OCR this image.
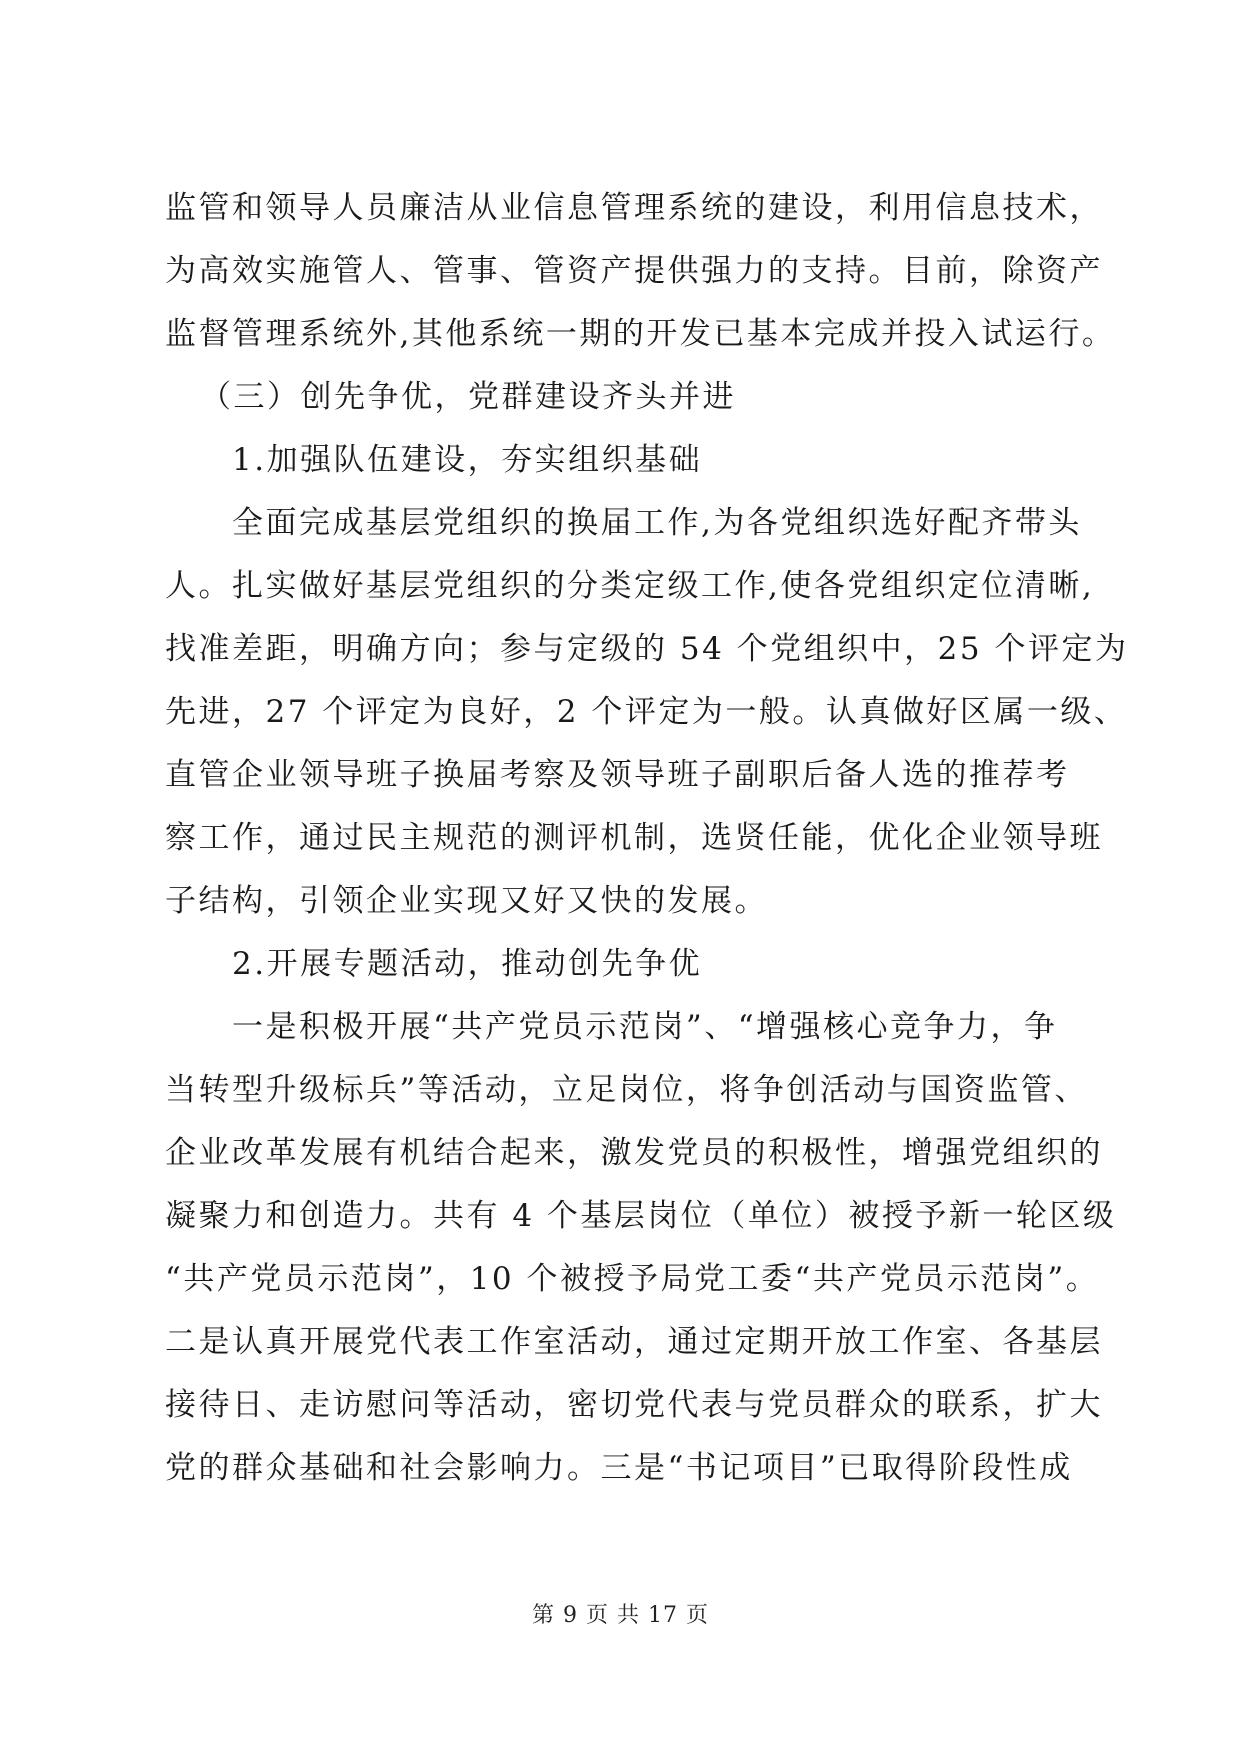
监管和领导人员廉洁从业信息管理系统的建设，利用信息技术，
为高效实施管人、管事、管资产提供强力的支持。目前，除资产
监督管理系统外,其他系统一期的开发已基本完成并投入试运行。
（三）创先争优，党群建设齐头并进
1.加强队伍建设，夯实组织基础
全面完成基层党组织的换届工作,为各党组织选好配齐带头
人。扎实做好基层党组织的分类定级工作,使各党组织定位清晰,
找准差距，明确方向；参与定级的 54 个党组织中，25 个评定为
先进，27 个评定为良好，2 个评定为一般。认真做好区属一级、
直管企业领导班子换届考察及领导班子副职后备人选的推荐考
察工作，通过民主规范的测评机制，选贤任能，优化企业领导班
子结构，引领企业实现又好又快的发展。
2.开展专题活动，推动创先争优
一是积极开展“共产党员示范岗”、“增强核心竞争力，争
当转型升级标兵”等活动，立足岗位，将争创活动与国资监管、
企业改革发展有机结合起来，激发党员的积极性，增强党组织的
凝聚力和创造力。共有 4 个基层岗位（单位）被授予新一轮区级
“共产党员示范岗”，10 个被授予局党工委“共产党员示范岗”。
二是认真开展党代表工作室活动，通过定期开放工作室、各基层
接待日、走访慰问等活动，密切党代表与党员群众的联系，扩大
党的群众基础和社会影响力。三是“书记项目”已取得阶段性成
第 9 页 共 17 页
